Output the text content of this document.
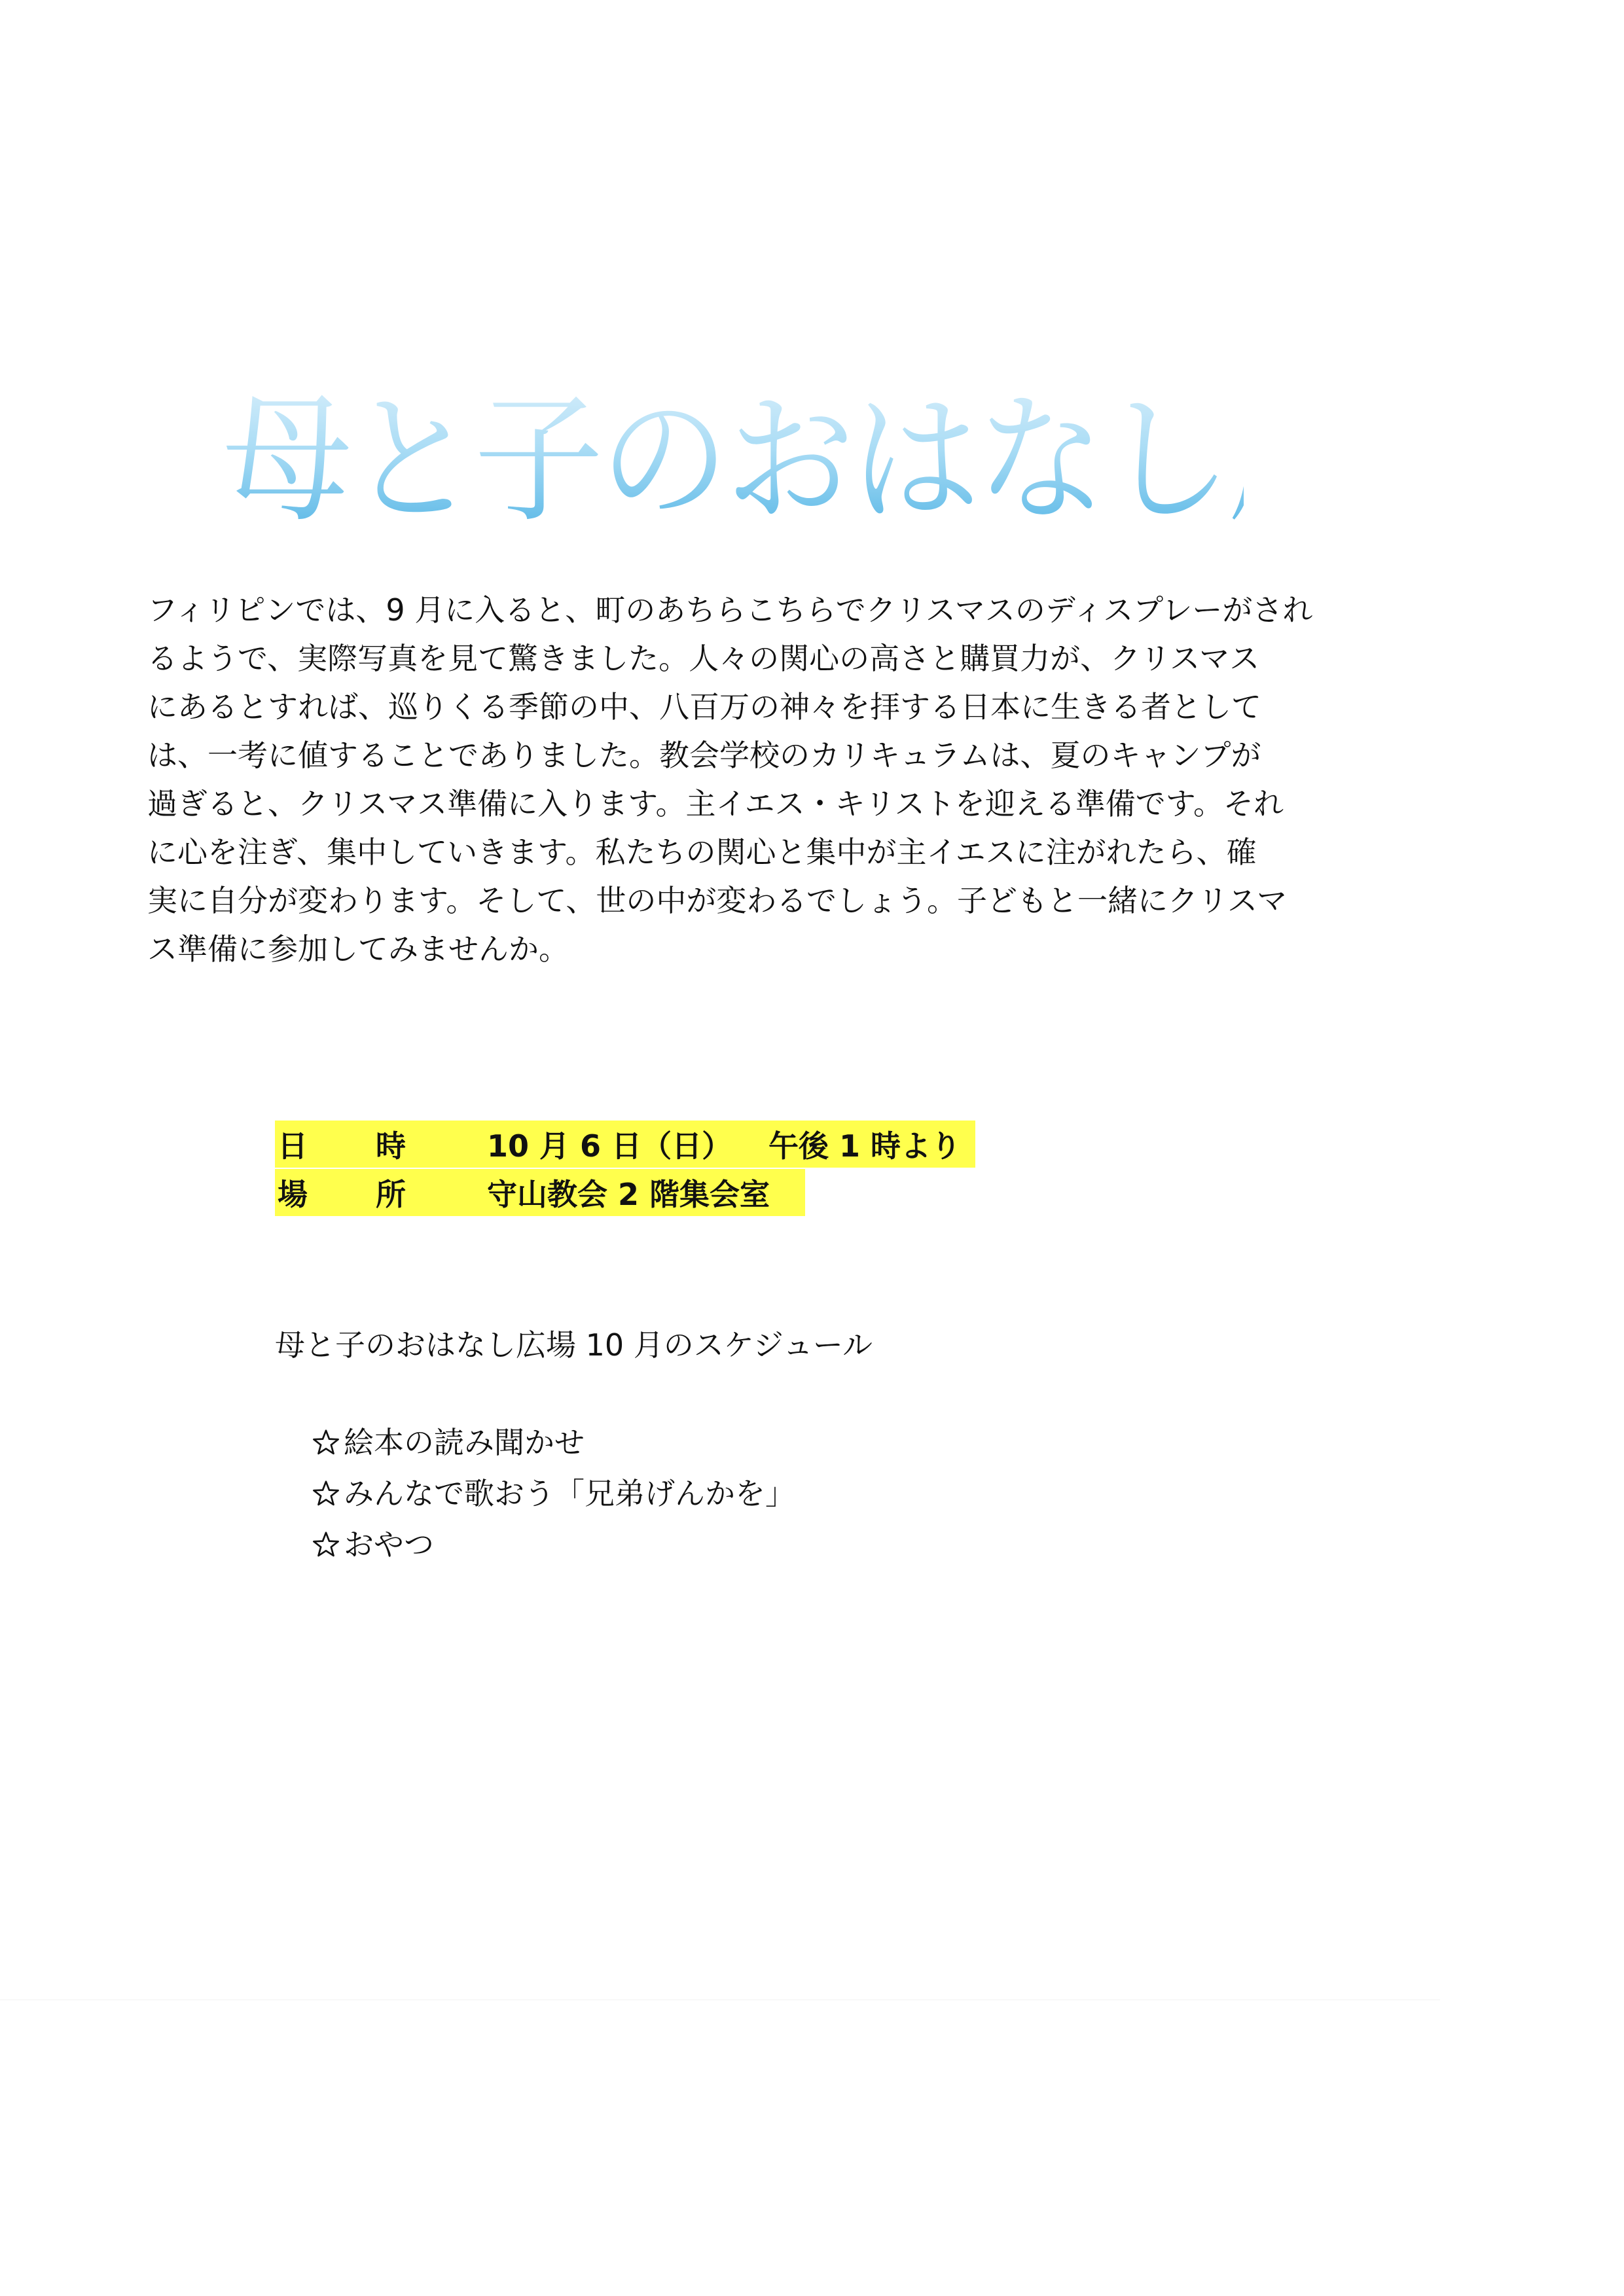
母と子のおはなし広場

フィリピンでは、9 月に入ると、町のあちらこちらでクリスマスのディスプレーがされ
るようで、実際写真を見て驚きました。人々の関心の高さと購買力が、クリスマス
にあるとすれば、巡りくる季節の中、八百万の神々を拝する日本に生きる者として
は、一考に値することでありました。教会学校のカリキュラムは、夏のキャンプが
過ぎると、クリスマス準備に入ります。主イエス・キリストを迎える準備です。それ
に心を注ぎ、集中していきます。私たちの関心と集中が主イエスに注がれたら、確
実に自分が変わります。そして、世の中が変わるでしょう。子どもと一緒にクリスマ
ス準備に参加してみませんか。

日	時	10 月 6 日（日）	午後 1 時より
場	所	守山教会 2 階集会室
母と子のおはなし広場 10 月のスケジュール
絵本の読み聞かせ
みんなで歌おう「兄弟げんかを」
おやつ
